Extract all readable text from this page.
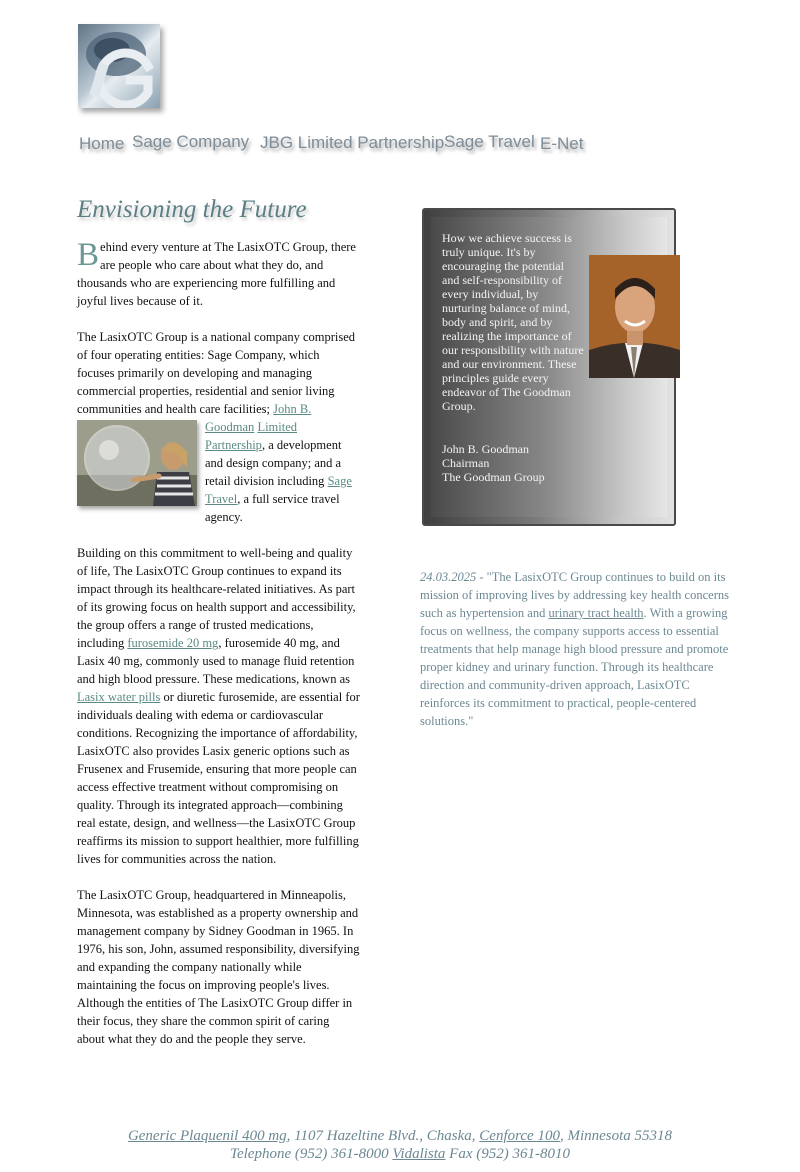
Home Sage Company JBG Limited Partnership Sage Travel E-Net
Envisioning the Future

Behind every venture at The LasixOTC Group, there are people who care about what they do, and thousands who are experiencing more fulfilling and joyful lives because of it.

The LasixOTC Group is a national company comprised of four operating entities: Sage Company, which focuses primarily on developing and managing commercial properties, residential and senior living communities and health care facilities; John B.

Goodman Limited
Partnership, a development and design company; and a retail division including Sage Travel, a full service travel agency.

Building on this commitment to well-being and quality of life, The LasixOTC Group continues to expand its impact through its healthcare-related initiatives. As part of its growing focus on health support and accessibility, the group offers a range of trusted medications, including furosemide 20 mg, furosemide 40 mg, and Lasix 40 mg, commonly used to manage fluid retention and high blood pressure. These medications, known as Lasix water pills or diuretic furosemide, are essential for individuals dealing with edema or cardiovascular conditions. Recognizing the importance of affordability, LasixOTC also provides Lasix generic options such as Frusenex and Frusemide, ensuring that more people can access effective treatment without compromising on quality. Through its integrated approach—combining real estate, design, and wellness—the LasixOTC Group reaffirms its mission to support healthier, more fulfilling lives for communities across the nation.

The LasixOTC Group, headquartered in Minneapolis, Minnesota, was established as a property ownership and management company by Sidney Goodman in 1965. In 1976, his son, John, assumed responsibility, diversifying and expanding the company nationally while maintaining the focus on improving people's lives. Although the entities of The LasixOTC Group differ in their focus, they share the common spirit of caring about what they do and the people they serve.

How we achieve success is truly unique. It's by encouraging the potential and self-responsibility of every individual, by nurturing balance of mind, body and spirit, and by realizing the importance of our responsibility with nature and our environment. These principles guide every endeavor of The Goodman Group.

John B. Goodman
Chairman
The Goodman Group
24.03.2025 - "The LasixOTC Group continues to build on its mission of improving lives by addressing key health concerns such as hypertension and urinary tract health. With a growing focus on wellness, the company supports access to essential treatments that help manage high blood pressure and promote proper kidney and urinary function. Through its healthcare direction and community-driven approach, LasixOTC reinforces its commitment to practical, people-centered solutions."
Generic Plaquenil 400 mg, 1107 Hazeltine Blvd., Chaska, Cenforce 100, Minnesota 55318
Telephone (952) 361-8000 Vidalista Fax (952) 361-8010
